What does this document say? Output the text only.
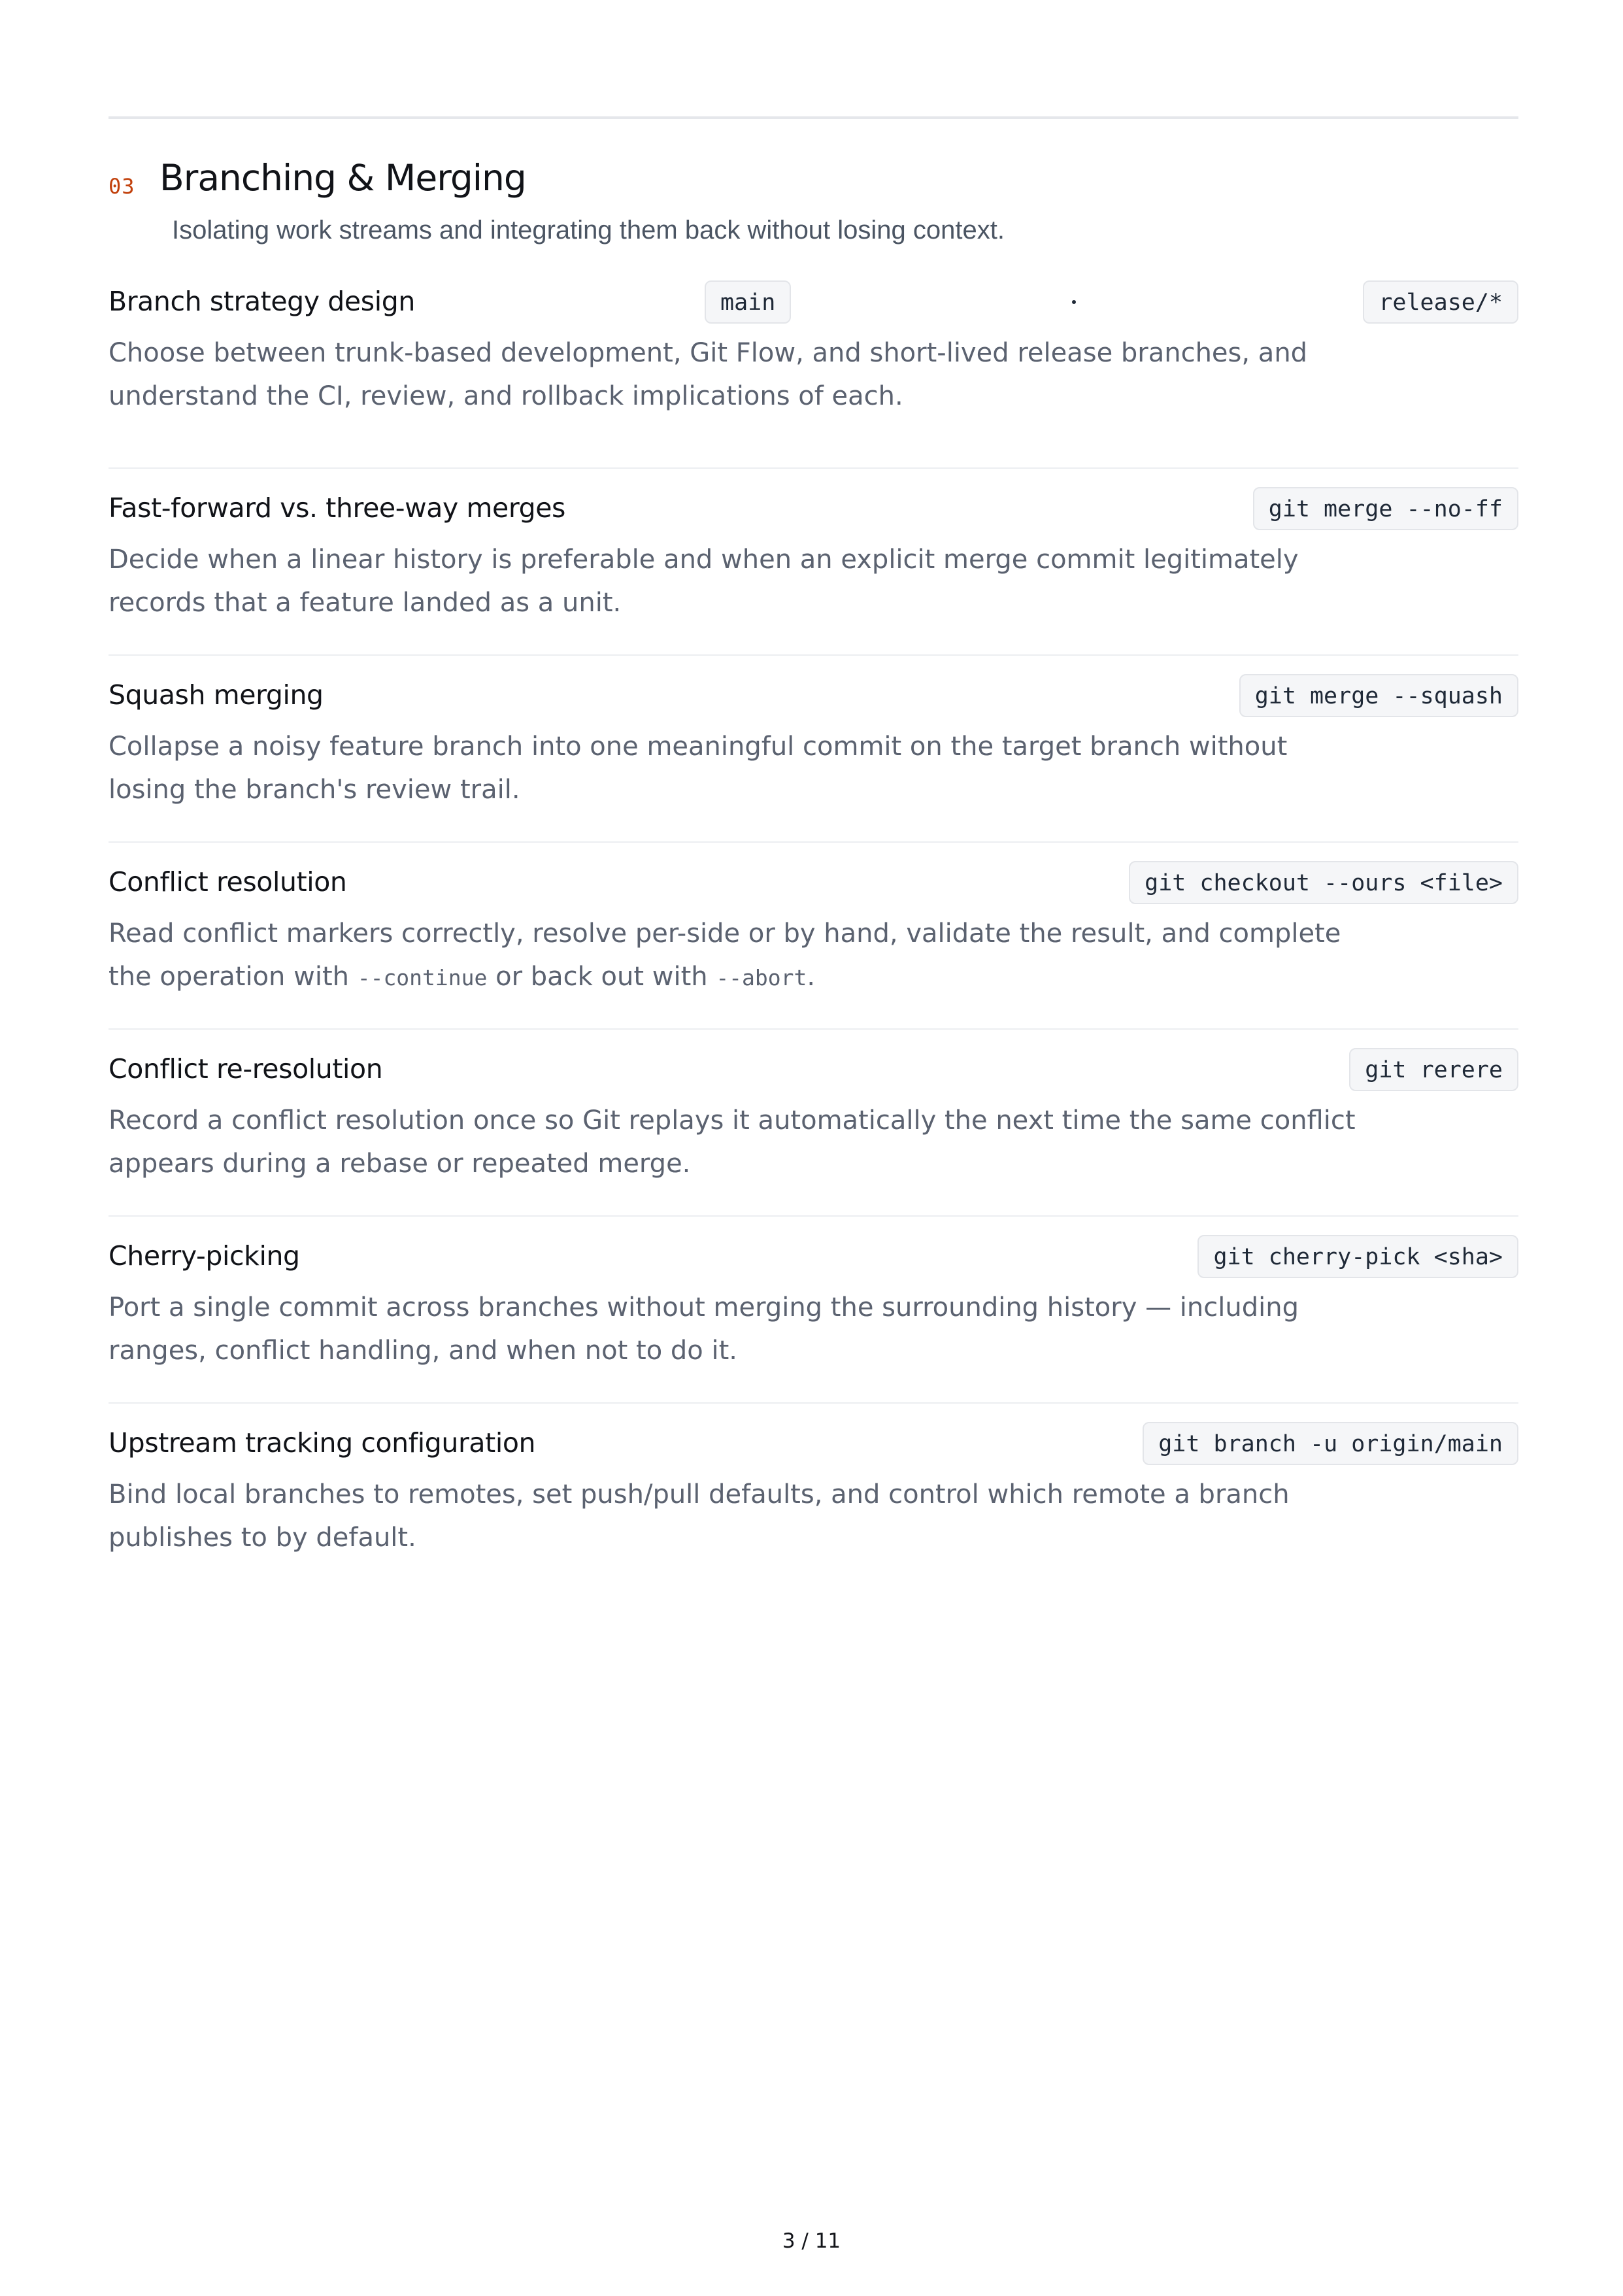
03 Branching & Merging
Isolating work streams and integrating them back without losing context.
Branch strategy design	main	release/*
Choose between trunk-based development, Git Flow, and short-lived release branches, and understand the CI, review, and rollback implications of each.
Fast-forward vs. three-way merges	git merge --no-ff
Decide when a linear history is preferable and when an explicit merge commit legitimately records that a feature landed as a unit.
Squash merging	git merge --squash
Collapse a noisy feature branch into one meaningful commit on the target branch without losing the branch's review trail.
Conflict resolution	git checkout --ours <file>
Read conflict markers correctly, resolve per-side or by hand, validate the result, and complete the operation with --continue or back out with --abort.
Conflict re-resolution	git rerere
Record a conflict resolution once so Git replays it automatically the next time the same conflict appears during a rebase or repeated merge.
Cherry-picking	git cherry-pick <sha>
Port a single commit across branches without merging the surrounding history — including ranges, conflict handling, and when not to do it.
Upstream tracking configuration	git branch -u origin/main
Bind local branches to remotes, set push/pull defaults, and control which remote a branch publishes to by default.
3 / 11
